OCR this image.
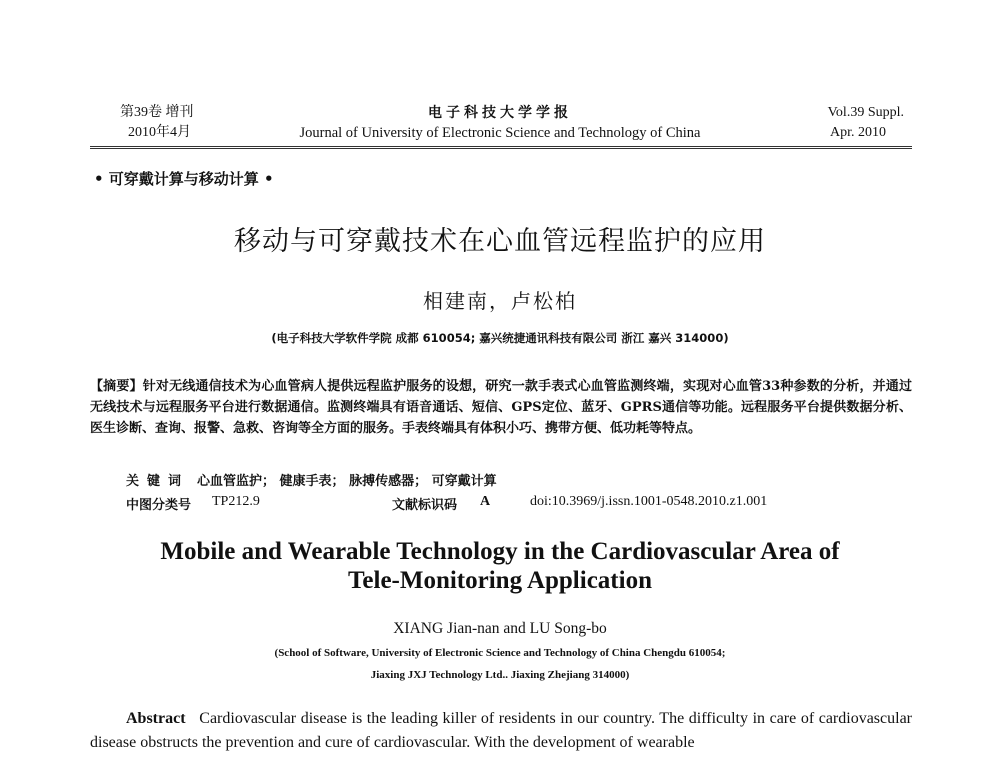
第39卷 增刊
2010年4月
电子科技大学学报
Journal of University of Electronic Science and Technology of China
Vol.39 Suppl.
Apr. 2010
• 可穿戴计算与移动计算 •
移动与可穿戴技术在心血管远程监护的应用
相建南，卢松柏
(电子科技大学软件学院 成都 610054; 嘉兴统捷通讯科技有限公司 浙江 嘉兴 314000)
【摘要】针对无线通信技术为心血管病人提供远程监护服务的设想，研究一款手表式心血管监测终端，实现对心血管33种参数的分析，并通过无线技术与远程服务平台进行数据通信。监测终端具有语音通话、短信、GPS定位、蓝牙、GPRS通信等功能。远程服务平台提供数据分析、医生诊断、查询、报警、急救、咨询等全方面的服务。手表终端具有体积小巧、携带方便、低功耗等特点。
关键词 心血管监护； 健康手表； 脉搏传感器； 可穿戴计算
中图分类号 TP212.9	文献标识码 A	doi:10.3969/j.issn.1001-0548.2010.z1.001
Mobile and Wearable Technology in the Cardiovascular Area of Tele-Monitoring Application
XIANG Jian-nan and LU Song-bo
(School of Software, University of Electronic Science and Technology of China Chengdu 610054;
Jiaxing JXJ Technology Ltd.. Jiaxing Zhejiang 314000)
Abstract Cardiovascular disease is the leading killer of residents in our country. The difficulty in care of cardiovascular disease obstructs the prevention and cure of cardiovascular. With the development of wearable
